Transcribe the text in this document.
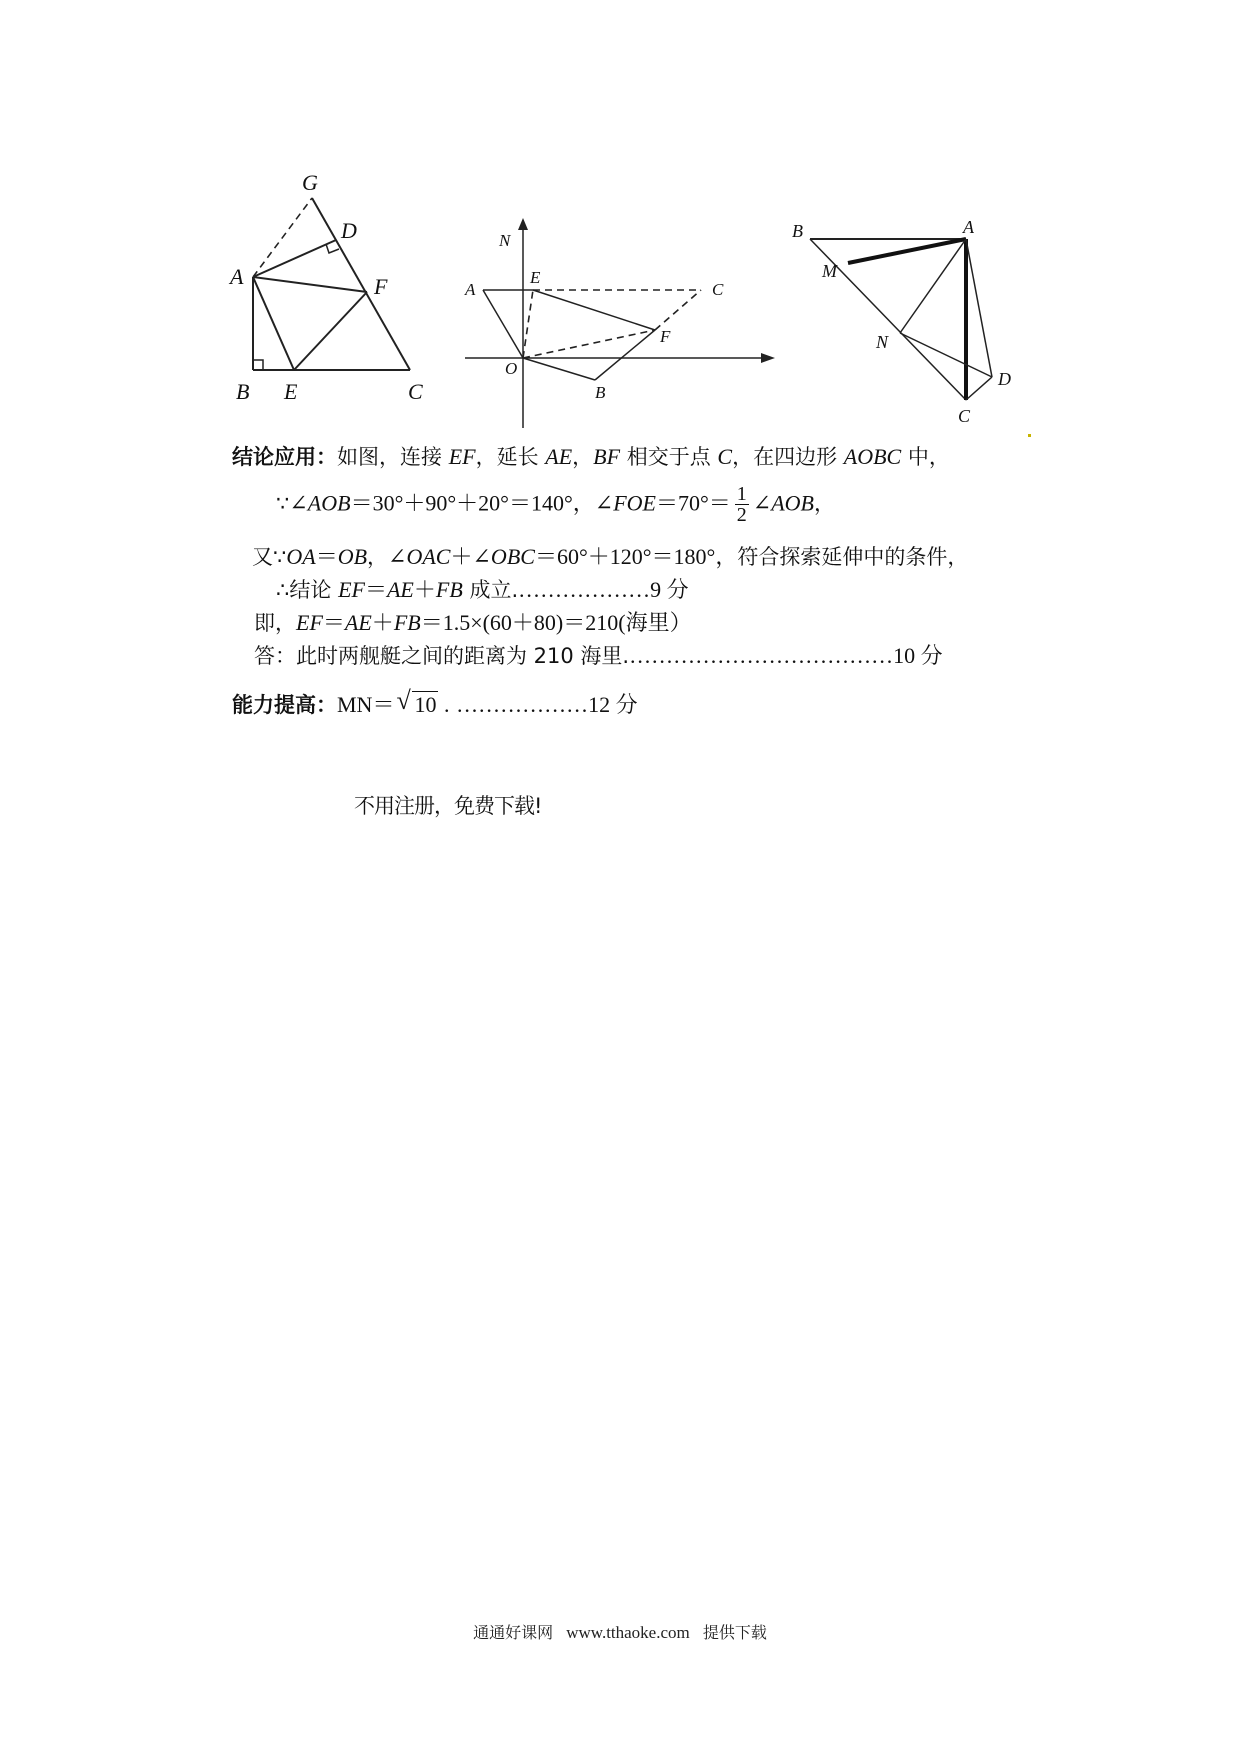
G
D
A	F
B E	C
N
A
E
C
F
O
B
B	A
M
N
D
C
结论应用：如图，连接 EF，延长 AE，BF 相交于点 C，在四边形 AOBC 中，
∵∠AOB＝30°＋90°＋20°＝140°，∠FOE＝70°＝ $\frac{1}{2}$ ∠AOB，
又∵OA＝OB，∠OAC＋∠OBC＝60°＋120°＝180°，符合探索延伸中的条件，
∴结论 EF＝AE＋FB 成立.………………9 分
即，EF＝AE＋FB＝1.5×(60＋80)＝210(海里）
答：此时两舰艇之间的距离为 210 海里.………………………………10 分
能力提高：MN＝ √ 10 . ………………12 分
不用注册，免费下载!
通通好课网 www.tthaoke.com 提供下载
